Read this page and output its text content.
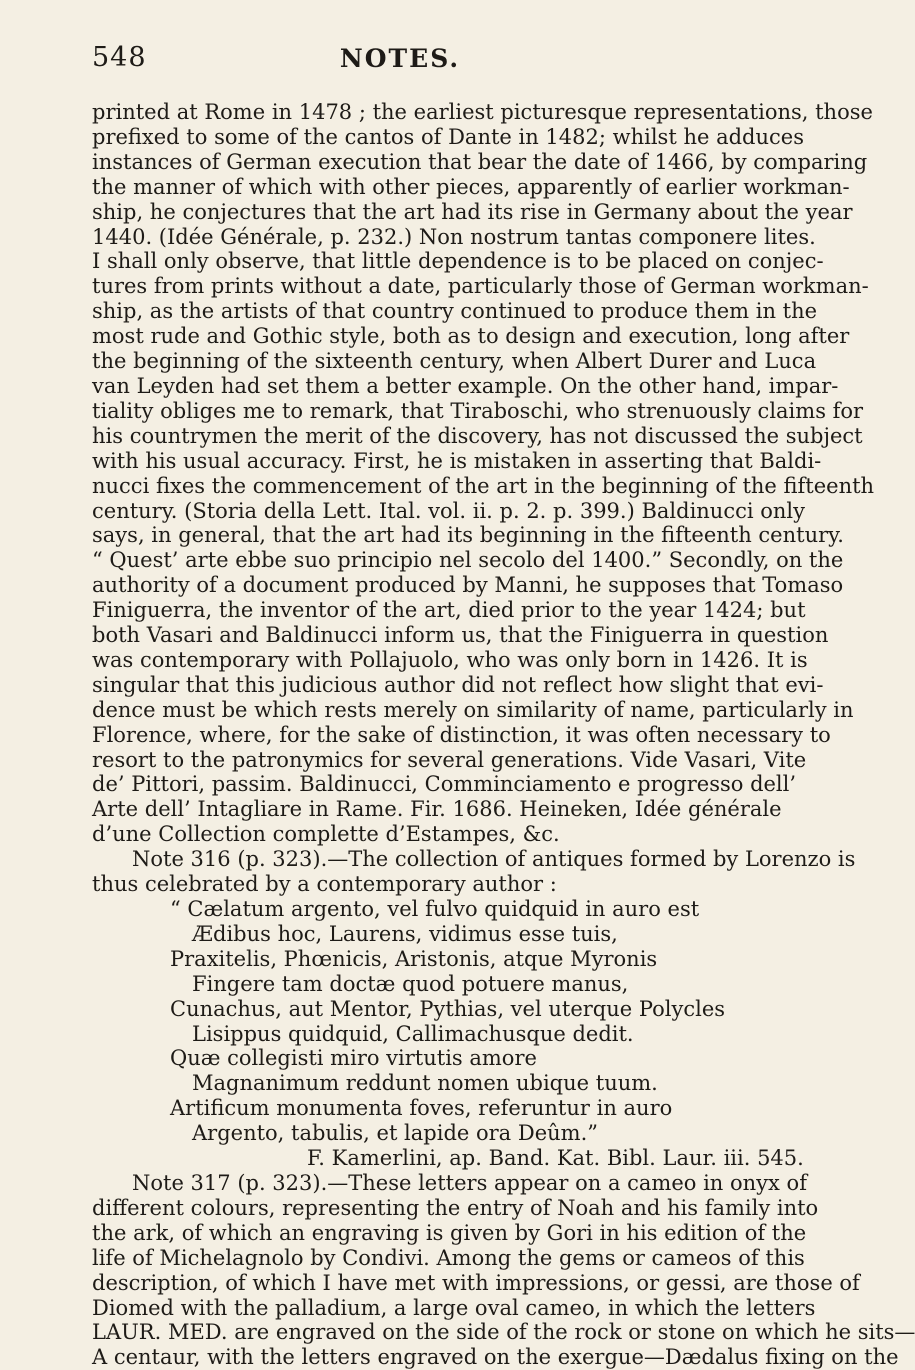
548	NOTES.
printed at Rome in 1478 ; the earliest picturesque representations, those
prefixed to some of the cantos of Dante in 1482; whilst he adduces
instances of German execution that bear the date of 1466, by comparing
the manner of which with other pieces, apparently of earlier workman-
ship, he conjectures that the art had its rise in Germany about the year
1440. (Idée Générale, p. 232.) Non nostrum tantas componere lites.
I shall only observe, that little dependence is to be placed on conjec-
tures from prints without a date, particularly those of German workman-
ship, as the artists of that country continued to produce them in the
most rude and Gothic style, both as to design and execution, long after
the beginning of the sixteenth century, when Albert Durer and Luca
van Leyden had set them a better example. On the other hand, impar-
tiality obliges me to remark, that Tiraboschi, who strenuously claims for
his countrymen the merit of the discovery, has not discussed the subject
with his usual accuracy. First, he is mistaken in asserting that Baldi-
nucci fixes the commencement of the art in the beginning of the fifteenth
century. (Storia della Lett. Ital. vol. ii. p. 2. p. 399.) Baldinucci only
says, in general, that the art had its beginning in the fifteenth century.
“ Quest’ arte ebbe suo principio nel secolo del 1400.” Secondly, on the
authority of a document produced by Manni, he supposes that Tomaso
Finiguerra, the inventor of the art, died prior to the year 1424; but
both Vasari and Baldinucci inform us, that the Finiguerra in question
was contemporary with Pollajuolo, who was only born in 1426. It is
singular that this judicious author did not reflect how slight that evi-
dence must be which rests merely on similarity of name, particularly in
Florence, where, for the sake of distinction, it was often necessary to
resort to the patronymics for several generations. Vide Vasari, Vite
de’ Pittori, passim. Baldinucci, Comminciamento e progresso dell’
Arte dell’ Intagliare in Rame. Fir. 1686. Heineken, Idée générale
d’une Collection complette d’Estampes, &c.
Note 316 (p. 323).—The collection of antiques formed by Lorenzo is
thus celebrated by a contemporary author :
“ Cælatum argento, vel fulvo quidquid in auro est
Ædibus hoc, Laurens, vidimus esse tuis,
Praxitelis, Phœnicis, Aristonis, atque Myronis
Fingere tam doctæ quod potuere manus,
Cunachus, aut Mentor, Pythias, vel uterque Polycles
Lisippus quidquid, Callimachusque dedit.
Quæ collegisti miro virtutis amore
Magnanimum reddunt nomen ubique tuum.
Artificum monumenta foves, referuntur in auro
Argento, tabulis, et lapide ora Deûm.”
F. Kamerlini, ap. Band. Kat. Bibl. Laur. iii. 545.
Note 317 (p. 323).—These letters appear on a cameo in onyx of
different colours, representing the entry of Noah and his family into
the ark, of which an engraving is given by Gori in his edition of the
life of Michelagnolo by Condivi. Among the gems or cameos of this
description, of which I have met with impressions, or gessi, are those of
Diomed with the palladium, a large oval cameo, in which the letters
LAUR. MED. are engraved on the side of the rock or stone on which he sits—
A centaur, with the letters engraved on the exergue—Dædalus fixing on the
